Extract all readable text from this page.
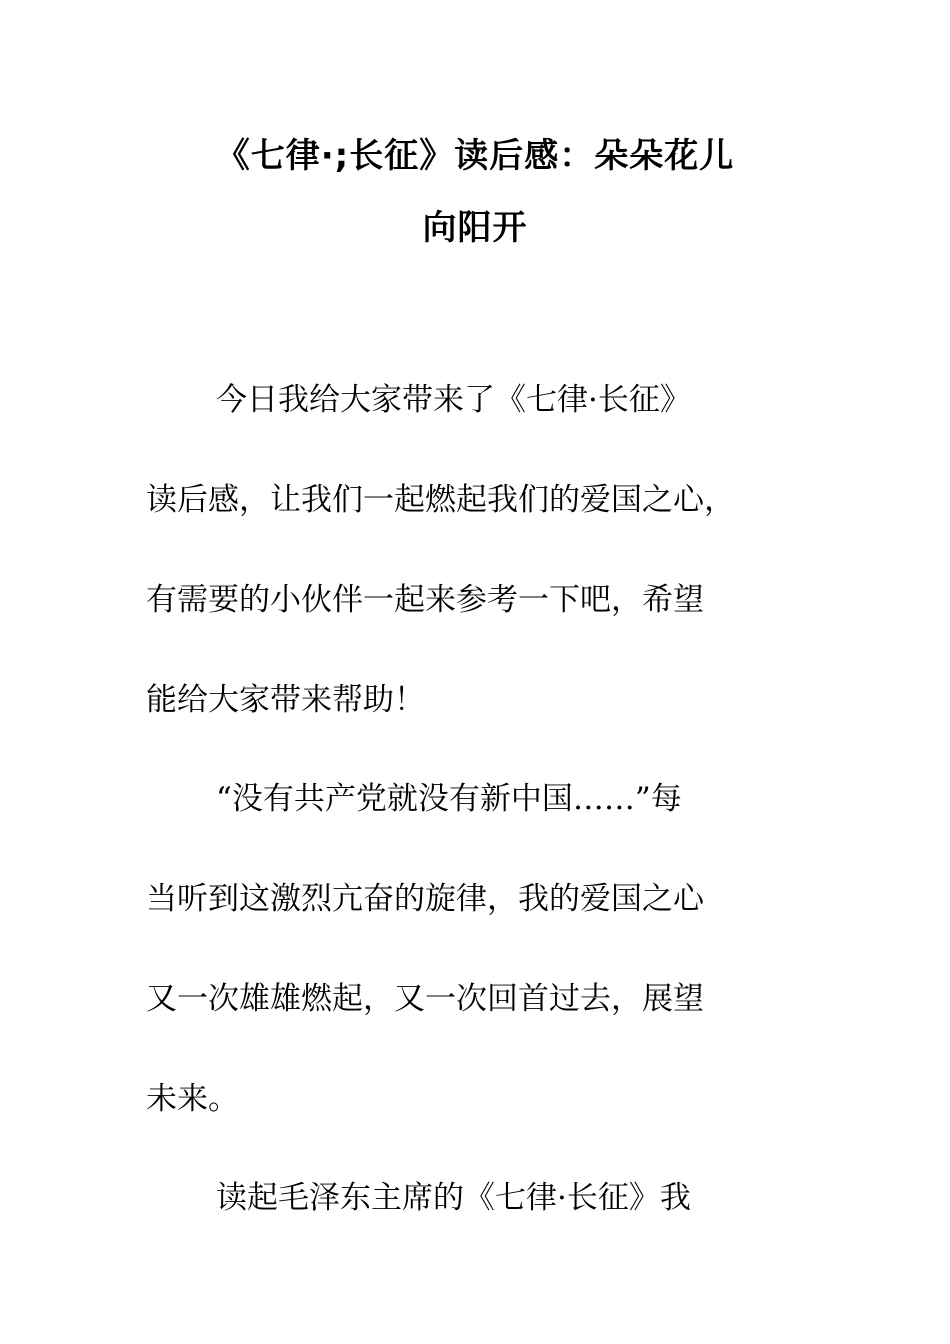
《七律·;长征》读后感：朵朵花儿
向阳开

今日我给大家带来了《七律·长征》

读后感，让我们一起燃起我们的爱国之心，

有需要的小伙伴一起来参考一下吧，希望

能给大家带来帮助！

“没有共产党就没有新中国……”每

当听到这激烈亢奋的旋律，我的爱国之心

又一次雄雄燃起，又一次回首过去，展望

未来。

读起毛泽东主席的《七律·长征》我
